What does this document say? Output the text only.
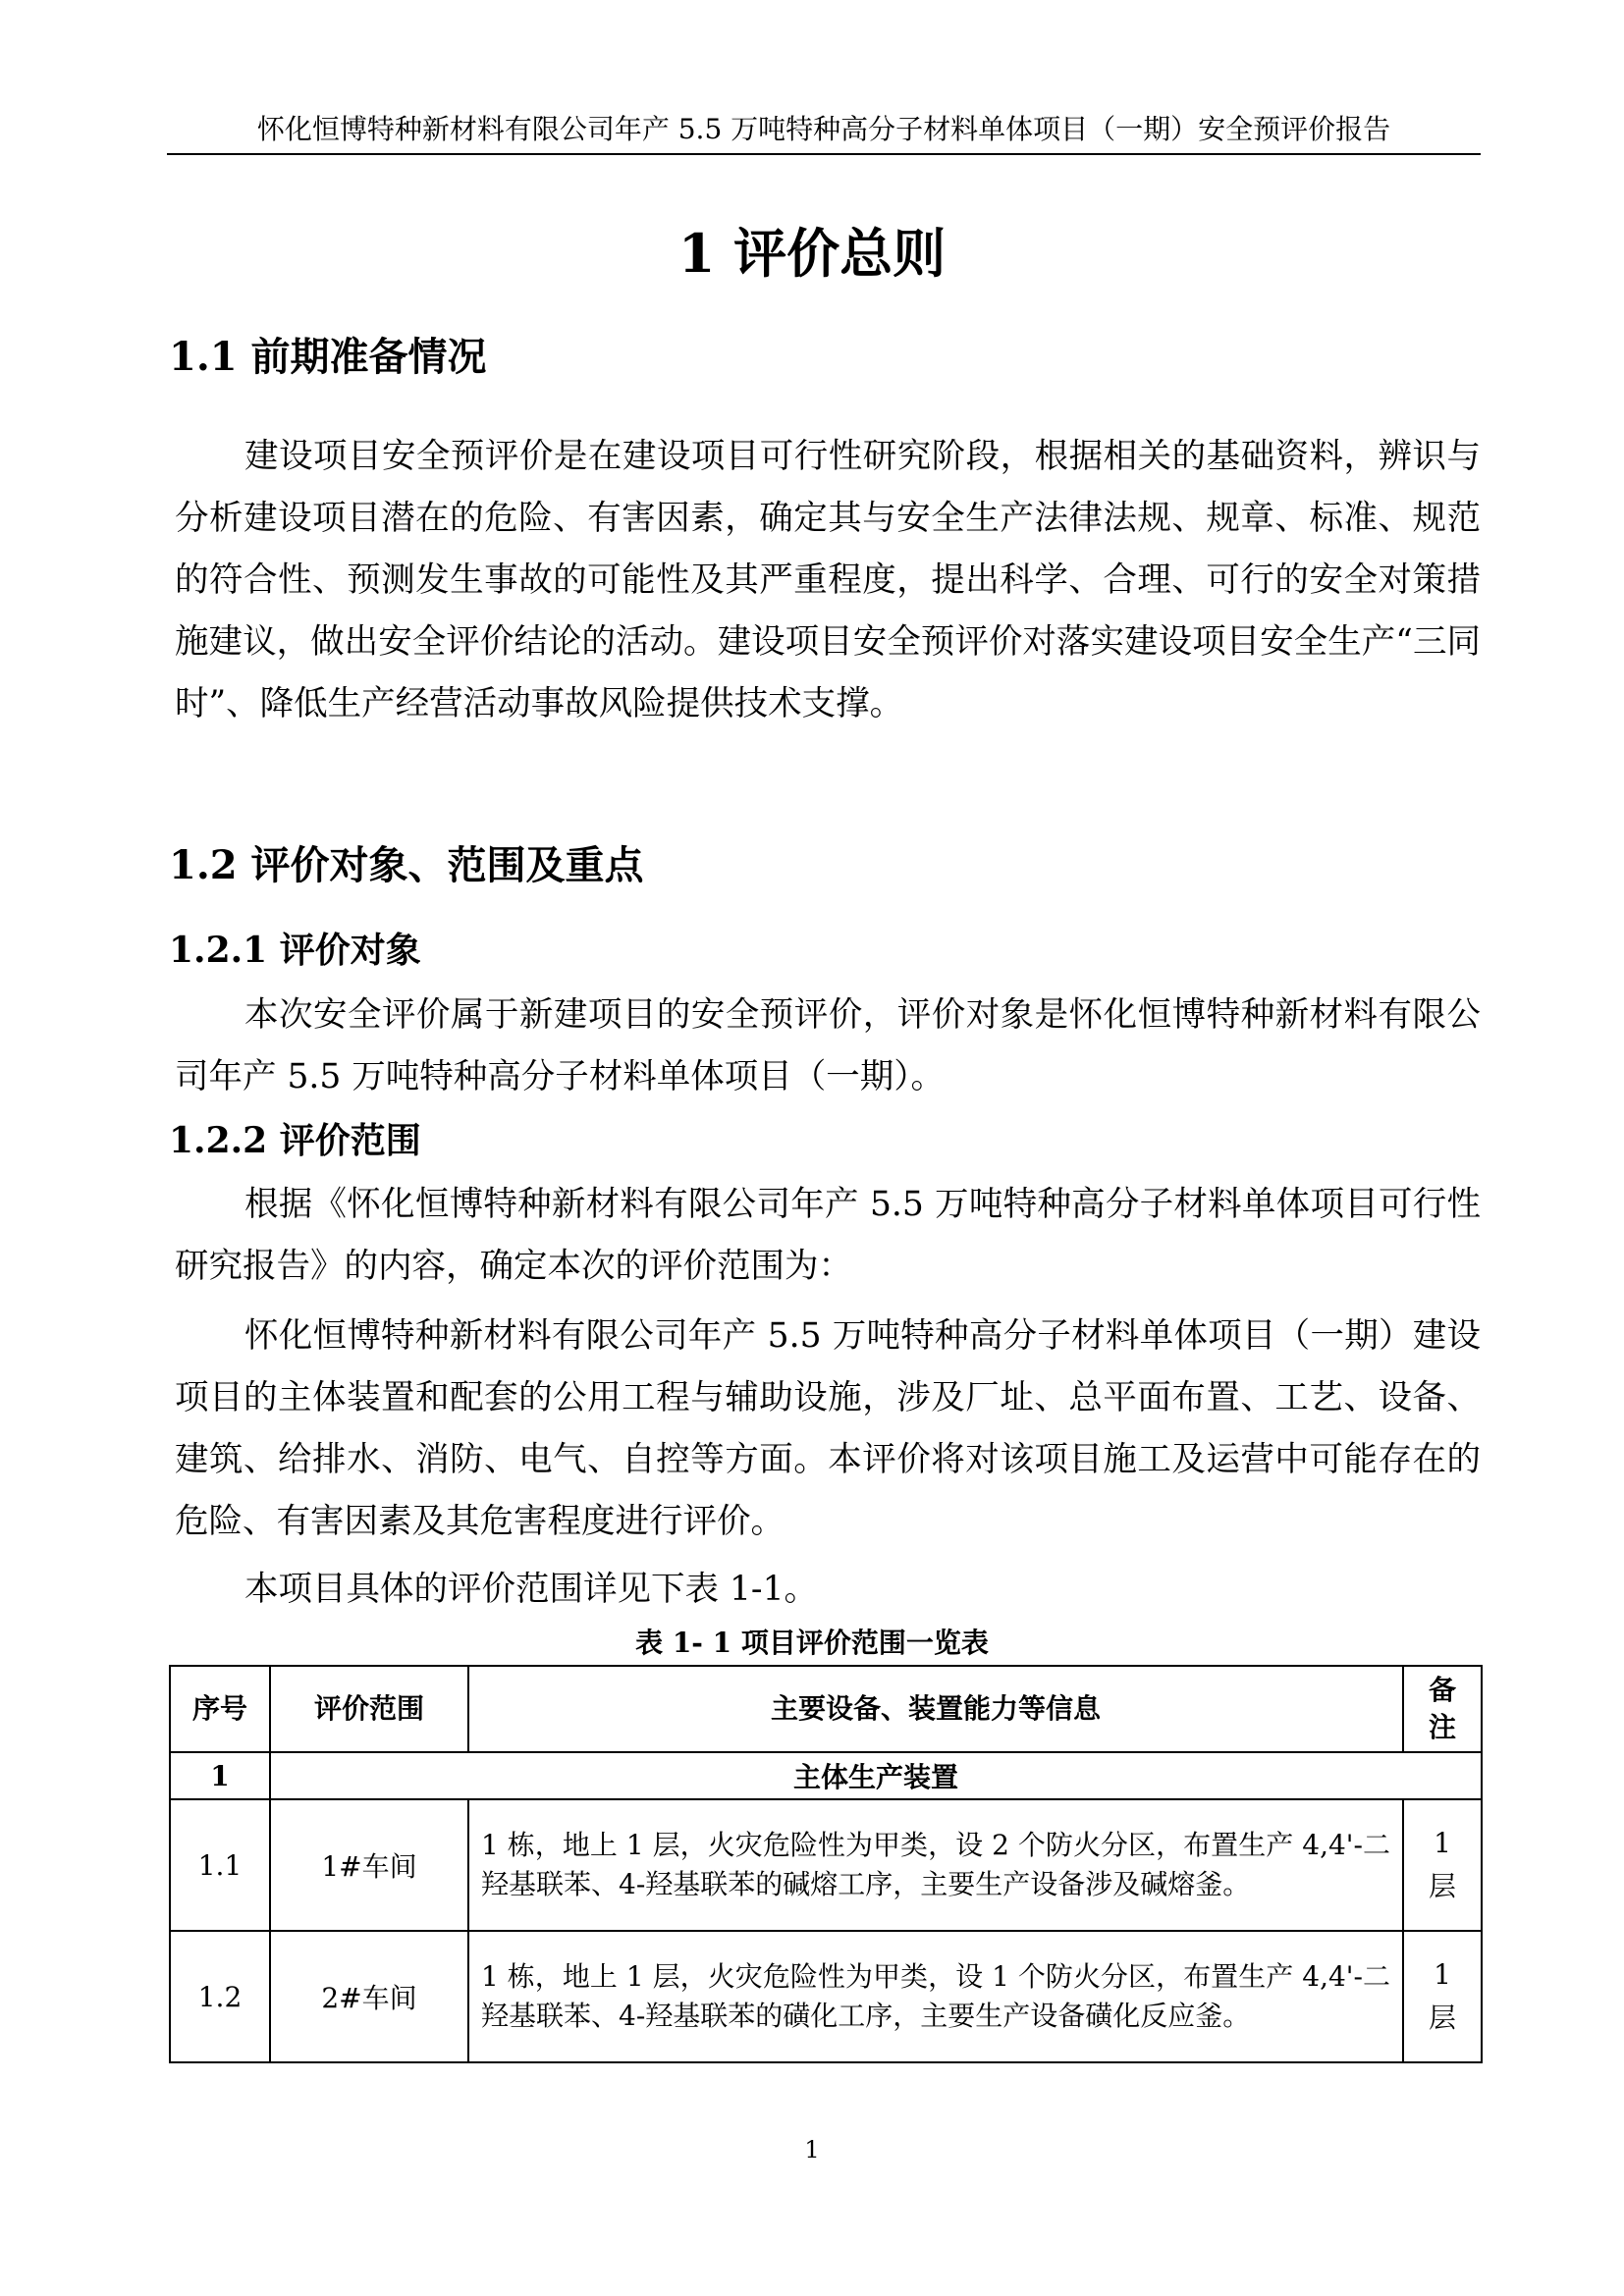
怀化恒博特种新材料有限公司年产 5.5 万吨特种高分子材料单体项目（一期）安全预评价报告
1 评价总则
1.1 前期准备情况
建设项目安全预评价是在建设项目可行性研究阶段，根据相关的基础资料，辨识与分析建设项目潜在的危险、有害因素，确定其与安全生产法律法规、规章、标准、规范的符合性、预测发生事故的可能性及其严重程度，提出科学、合理、可行的安全对策措施建议，做出安全评价结论的活动。建设项目安全预评价对落实建设项目安全生产“三同时”、降低生产经营活动事故风险提供技术支撑。
1.2 评价对象、范围及重点
1.2.1 评价对象
本次安全评价属于新建项目的安全预评价，评价对象是怀化恒博特种新材料有限公司年产 5.5 万吨特种高分子材料单体项目（一期）。
1.2.2 评价范围
根据《怀化恒博特种新材料有限公司年产 5.5 万吨特种高分子材料单体项目可行性研究报告》的内容，确定本次的评价范围为：
怀化恒博特种新材料有限公司年产 5.5 万吨特种高分子材料单体项目（一期）建设项目的主体装置和配套的公用工程与辅助设施，涉及厂址、总平面布置、工艺、设备、建筑、给排水、消防、电气、自控等方面。本评价将对该项目施工及运营中可能存在的危险、有害因素及其危害程度进行评价。
本项目具体的评价范围详见下表 1-1。
表 1- 1 项目评价范围一览表
序号	评价范围	主要设备、装置能力等信息	备注
1	主体生产装置		
1.1	1#车间	1 栋，地上 1 层，火灾危险性为甲类，设 2 个防火分区，布置生产 4,4'-二羟基联苯、4-羟基联苯的碱熔工序，主要生产设备涉及碱熔釜。	1 层
1.2	2#车间	1 栋，地上 1 层，火灾危险性为甲类，设 1 个防火分区，布置生产 4,4'-二羟基联苯、4-羟基联苯的磺化工序，主要生产设备磺化反应釜。	1 层
1
